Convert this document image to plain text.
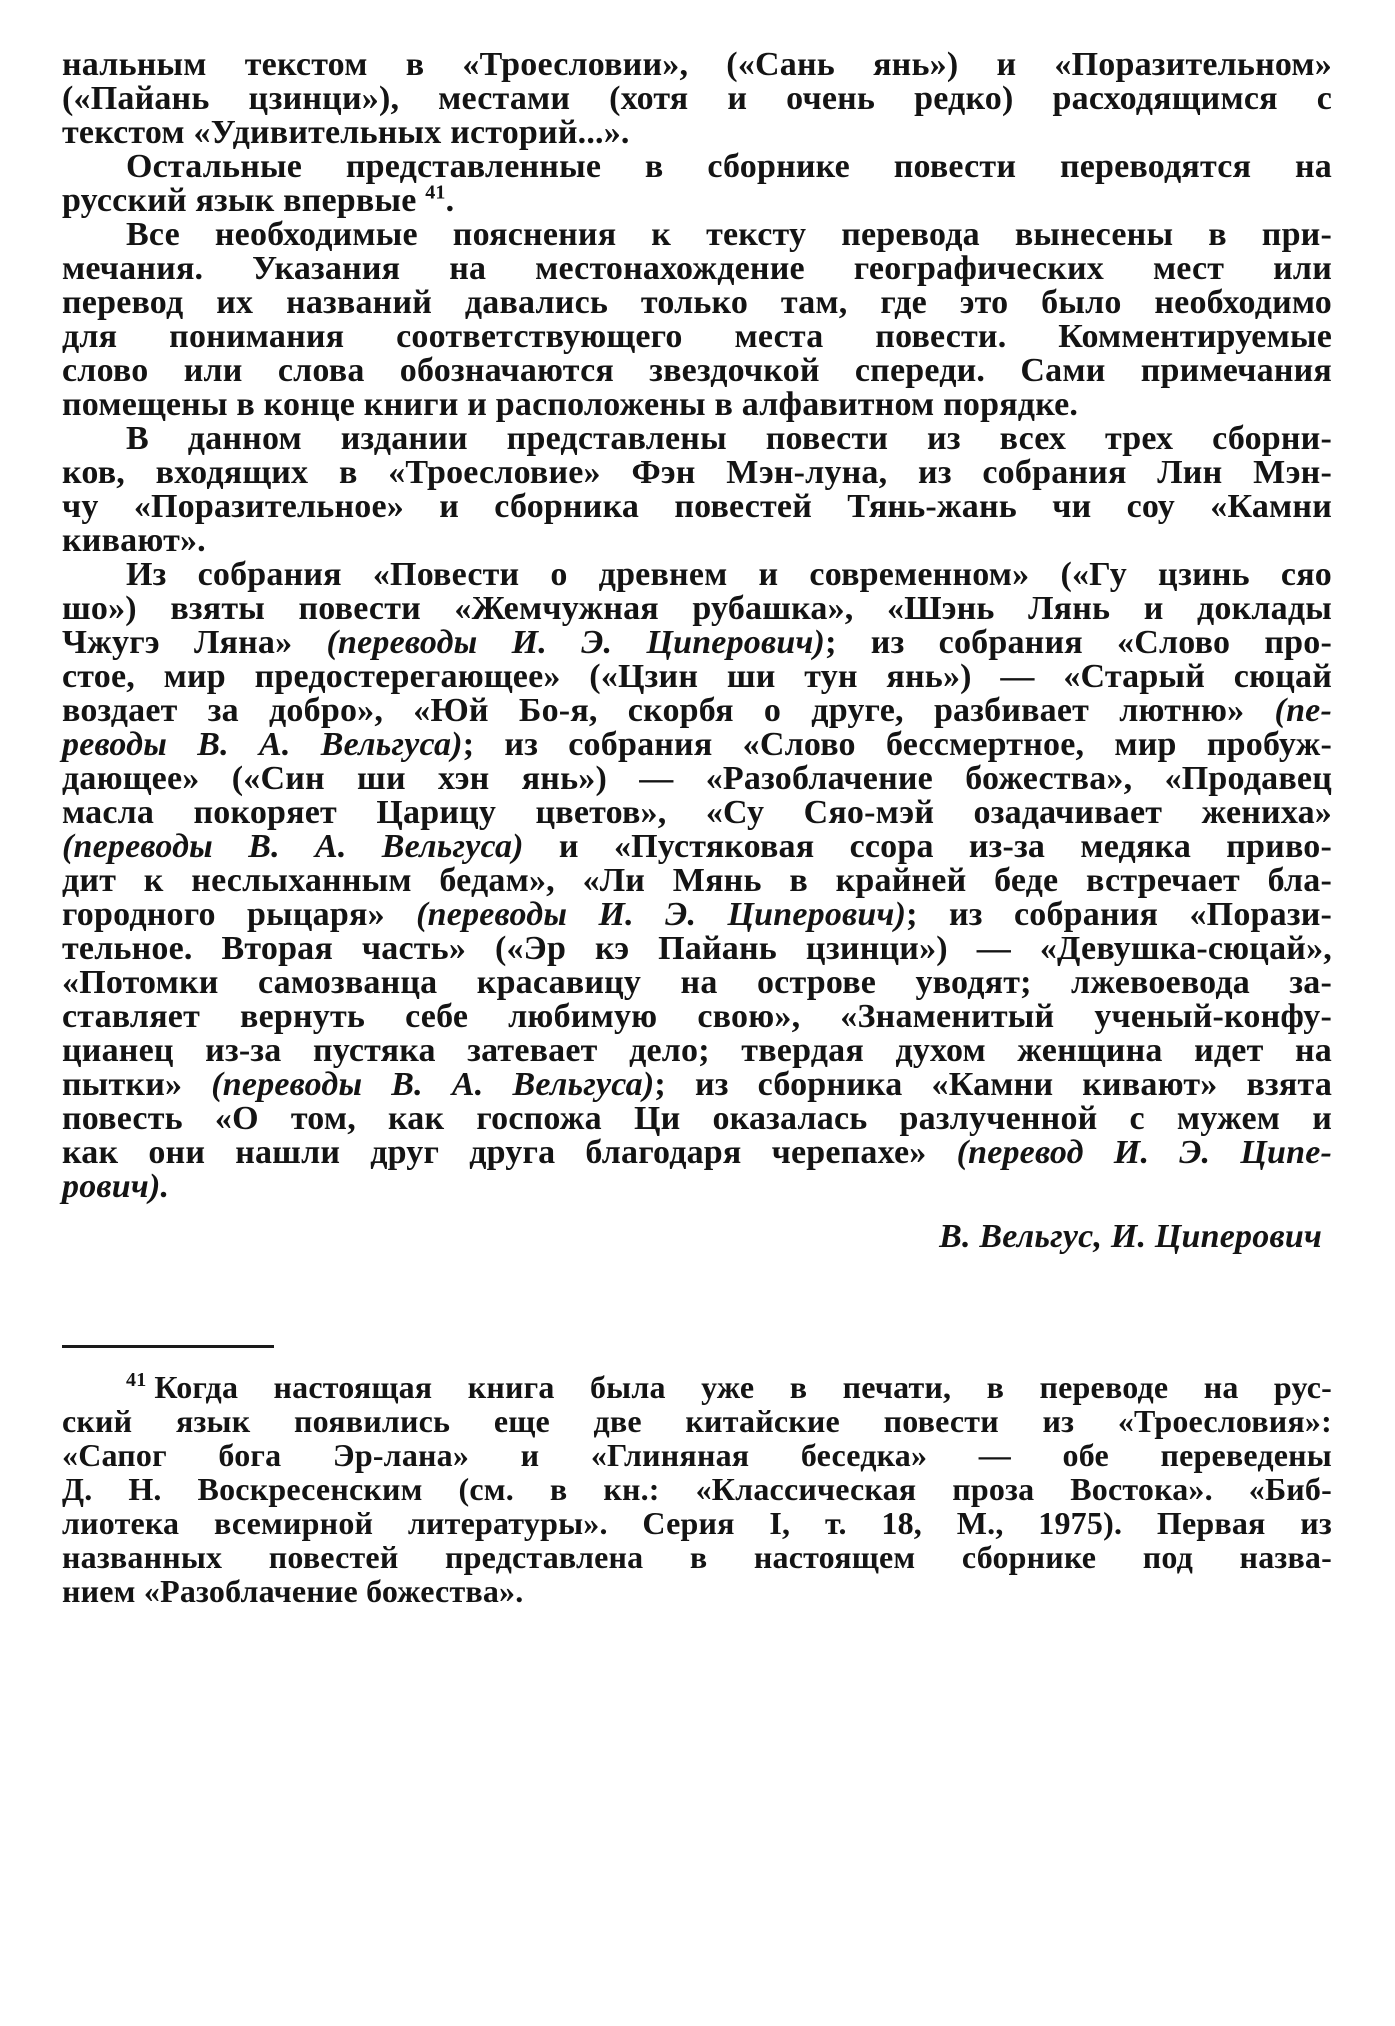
нальным текстом в «Троесловии», («Сань янь») и «Поразительном»
(«Пайань цзинци»), местами (хотя и очень редко) расходящимся с
текстом «Удивительных историй...».
Остальные представленные в сборнике повести переводятся на
русский язык впервые $^{41}$.
Все необходимые пояснения к тексту перевода вынесены в при-
мечания. Указания на местонахождение географических мест или
перевод их названий давались только там, где это было необходимо
для понимания соответствующего места повести. Комментируемые
слово или слова обозначаются звездочкой спереди. Сами примечания
помещены в конце книги и расположены в алфавитном порядке.
В данном издании представлены повести из всех трех сборни-
ков, входящих в «Троесловие» Фэн Мэн-луна, из собрания Лин Мэн-
чу «Поразительное» и сборника повестей Тянь-жань чи соу «Камни
кивают».
Из собрания «Повести о древнем и современном» («Гу цзинь сяо
шо») взяты повести «Жемчужная рубашка», «Шэнь Лянь и доклады
Чжугэ Ляна» (переводы И. Э. Циперович); из собрания «Слово про-
стое, мир предостерегающее» («Цзин ши тун янь») — «Старый сюцай
воздает за добро», «Юй Бо-я, скорбя о друге, разбивает лютню» (пе-
реводы В. А. Вельгуса); из собрания «Слово бессмертное, мир пробуж-
дающее» («Син ши хэн янь») — «Разоблачение божества», «Продавец
масла покоряет Царицу цветов», «Су Сяо-мэй озадачивает жениха»
(переводы В. А. Вельгуса) и «Пустяковая ссора из-за медяка приво-
дит к неслыханным бедам», «Ли Мянь в крайней беде встречает бла-
городного рыцаря» (переводы И. Э. Циперович); из собрания «Порази-
тельное. Вторая часть» («Эр кэ Пайань цзинци») — «Девушка-сюцай»,
«Потомки самозванца красавицу на острове уводят; лжевоевода за-
ставляет вернуть себе любимую свою», «Знаменитый ученый-конфу-
цианец из-за пустяка затевает дело; твердая духом женщина идет на
пытки» (переводы В. А. Вельгуса); из сборника «Камни кивают» взята
повесть «О том, как госпожа Ци оказалась разлученной с мужем и
как они нашли друг друга благодаря черепахе» (перевод И. Э. Ципе-
рович).
В. Вельгус, И. Циперович
$^{41}$ Когда настоящая книга была уже в печати, в переводе на рус-
ский язык появились еще две китайские повести из «Троесловия»:
«Сапог бога Эр-лана» и «Глиняная беседка» — обе переведены
Д. Н. Воскресенским (см. в кн.: «Классическая проза Востока». «Биб-
лиотека всемирной литературы». Серия I, т. 18, М., 1975). Первая из
названных повестей представлена в настоящем сборнике под назва-
нием «Разоблачение божества».
